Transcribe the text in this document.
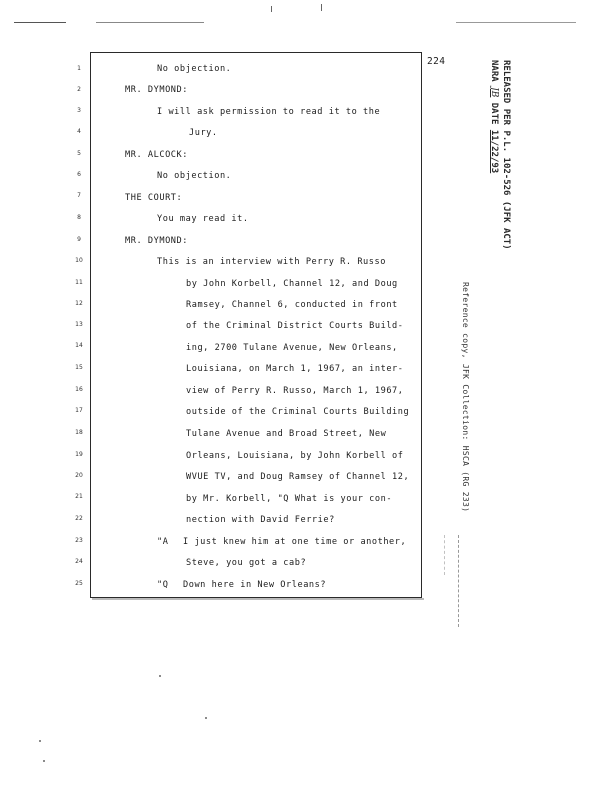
224
1
2
3
4
5
6
7
8
9
10
11
12
13
14
15
16
17
18
19
20
21
22
23
24
25
No objection.
MR. DYMOND:
I will ask permission to read it to the
Jury.
MR. ALCOCK:
No objection.
THE COURT:
You may read it.
MR. DYMOND:
This is an interview with Perry R. Russo
by John Korbell, Channel 12, and Doug
Ramsey, Channel 6, conducted in front
of the Criminal District Courts Build-
ing, 2700 Tulane Avenue, New Orleans,
Louisiana, on March 1, 1967, an inter-
view of Perry R. Russo, March 1, 1967,
outside of the Criminal Courts Building
Tulane Avenue and Broad Street, New
Orleans, Louisiana, by John Korbell of
WVUE TV, and Doug Ramsey of Channel 12,
by Mr. Korbell, "Q What is your con-
nection with David Ferrie?
"A I just knew him at one time or another,
Steve, you got a cab?
"Q Down here in New Orleans?
RELEASED PER P.L. 102-526 (JFK ACT)
NARA JB DATE 11/22/93
Reference copy, JFK Collection: HSCA (RG 233)
